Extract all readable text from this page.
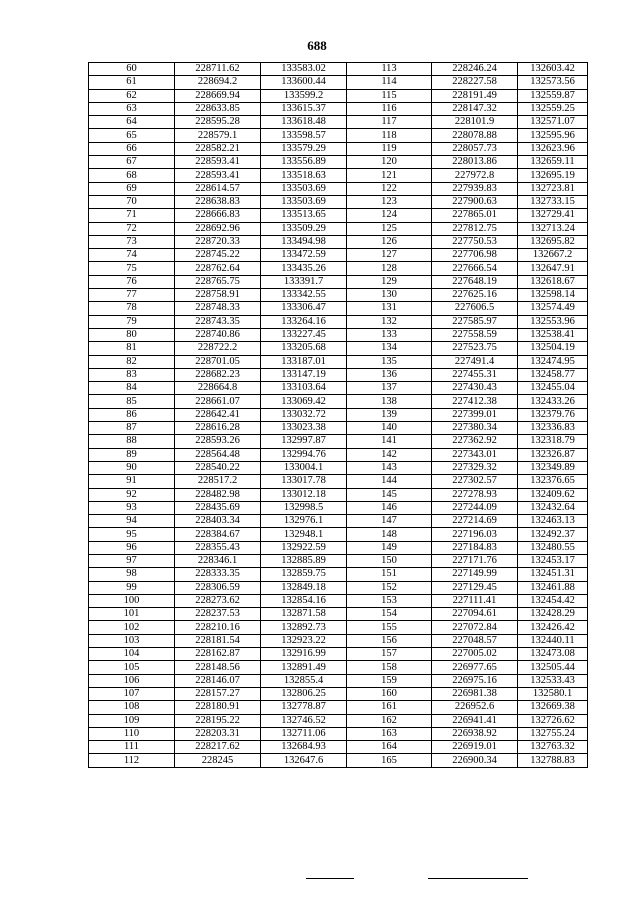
688
60	228711.62	133583.02	113	228246.24	132603.42
61	228694.2	133600.44	114	228227.58	132573.56
62	228669.94	133599.2	115	228191.49	132559.87
63	228633.85	133615.37	116	228147.32	132559.25
64	228595.28	133618.48	117	228101.9	132571.07
65	228579.1	133598.57	118	228078.88	132595.96
66	228582.21	133579.29	119	228057.73	132623.96
67	228593.41	133556.89	120	228013.86	132659.11
68	228593.41	133518.63	121	227972.8	132695.19
69	228614.57	133503.69	122	227939.83	132723.81
70	228638.83	133503.69	123	227900.63	132733.15
71	228666.83	133513.65	124	227865.01	132729.41
72	228692.96	133509.29	125	227812.75	132713.24
73	228720.33	133494.98	126	227750.53	132695.82
74	228745.22	133472.59	127	227706.98	132667.2
75	228762.64	133435.26	128	227666.54	132647.91
76	228765.75	133391.7	129	227648.19	132618.67
77	228758.91	133342.55	130	227625.16	132598.14
78	228748.33	133306.47	131	227606.5	132574.49
79	228743.35	133264.16	132	227585.97	132553.96
80	228740.86	133227.45	133	227558.59	132538.41
81	228722.2	133205.68	134	227523.75	132504.19
82	228701.05	133187.01	135	227491.4	132474.95
83	228682.23	133147.19	136	227455.31	132458.77
84	228664.8	133103.64	137	227430.43	132455.04
85	228661.07	133069.42	138	227412.38	132433.26
86	228642.41	133032.72	139	227399.01	132379.76
87	228616.28	133023.38	140	227380.34	132336.83
88	228593.26	132997.87	141	227362.92	132318.79
89	228564.48	132994.76	142	227343.01	132326.87
90	228540.22	133004.1	143	227329.32	132349.89
91	228517.2	133017.78	144	227302.57	132376.65
92	228482.98	133012.18	145	227278.93	132409.62
93	228435.69	132998.5	146	227244.09	132432.64
94	228403.34	132976.1	147	227214.69	132463.13
95	228384.67	132948.1	148	227196.03	132492.37
96	228355.43	132922.59	149	227184.83	132480.55
97	228346.1	132885.89	150	227171.76	132453.17
98	228333.35	132859.75	151	227149.99	132451.31
99	228306.59	132849.18	152	227129.45	132461.88
100	228273.62	132854.16	153	227111.41	132454.42
101	228237.53	132871.58	154	227094.61	132428.29
102	228210.16	132892.73	155	227072.84	132426.42
103	228181.54	132923.22	156	227048.57	132440.11
104	228162.87	132916.99	157	227005.02	132473.08
105	228148.56	132891.49	158	226977.65	132505.44
106	228146.07	132855.4	159	226975.16	132533.43
107	228157.27	132806.25	160	226981.38	132580.1
108	228180.91	132778.87	161	226952.6	132669.38
109	228195.22	132746.52	162	226941.41	132726.62
110	228203.31	132711.06	163	226938.92	132755.24
111	228217.62	132684.93	164	226919.01	132763.32
112	228245	132647.6	165	226900.34	132788.83
